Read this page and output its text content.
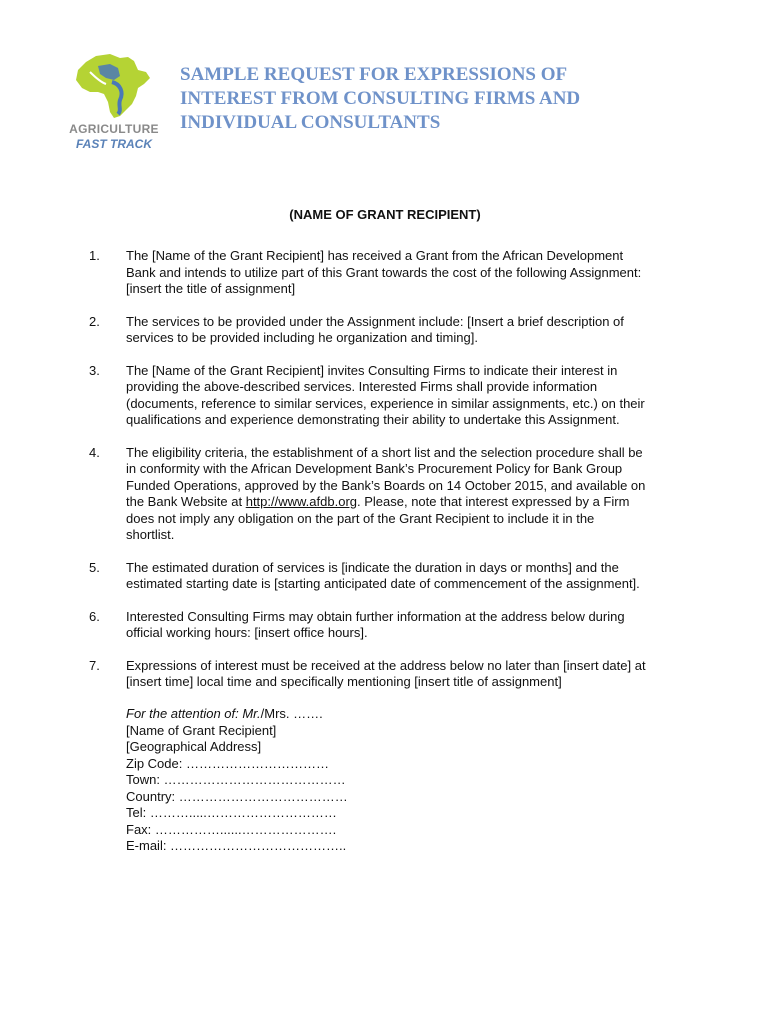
AGRICULTURE
FAST TRACK
SAMPLE REQUEST FOR EXPRESSIONS OF
INTEREST FROM CONSULTING FIRMS AND
INDIVIDUAL CONSULTANTS
(NAME OF GRANT RECIPIENT)
1. The [Name of the Grant Recipient] has received a Grant from the African Development
Bank and intends to utilize part of this Grant towards the cost of the following Assignment:
[insert the title of assignment]
2. The services to be provided under the Assignment include: [Insert a brief description of
services to be provided including he organization and timing].
3. The [Name of the Grant Recipient] invites Consulting Firms to indicate their interest in
providing the above-described services. Interested Firms shall provide information
(documents, reference to similar services, experience in similar assignments, etc.) on their
qualifications and experience demonstrating their ability to undertake this Assignment.
4. The eligibility criteria, the establishment of a short list and the selection procedure shall be
in conformity with the African Development Bank’s Procurement Policy for Bank Group
Funded Operations, approved by the Bank’s Boards on 14 October 2015, and available on
the Bank Website at http://www.afdb.org. Please, note that interest expressed by a Firm
does not imply any obligation on the part of the Grant Recipient to include it in the
shortlist.
5. The estimated duration of services is [indicate the duration in days or months] and the
estimated starting date is [starting anticipated date of commencement of the assignment].
6. Interested Consulting Firms may obtain further information at the address below during
official working hours: [insert office hours].
7. Expressions of interest must be received at the address below no later than [insert date] at
[insert time] local time and specifically mentioning [insert title of assignment]
For the attention of: Mr./Mrs. …….
[Name of Grant Recipient]
[Geographical Address]
Zip Code: ……………………………
Town: ……………………………………
Country: …………………………………
Tel: ……….....…………………………
Fax: ……………......………………….
E-mail: …………………………………..
